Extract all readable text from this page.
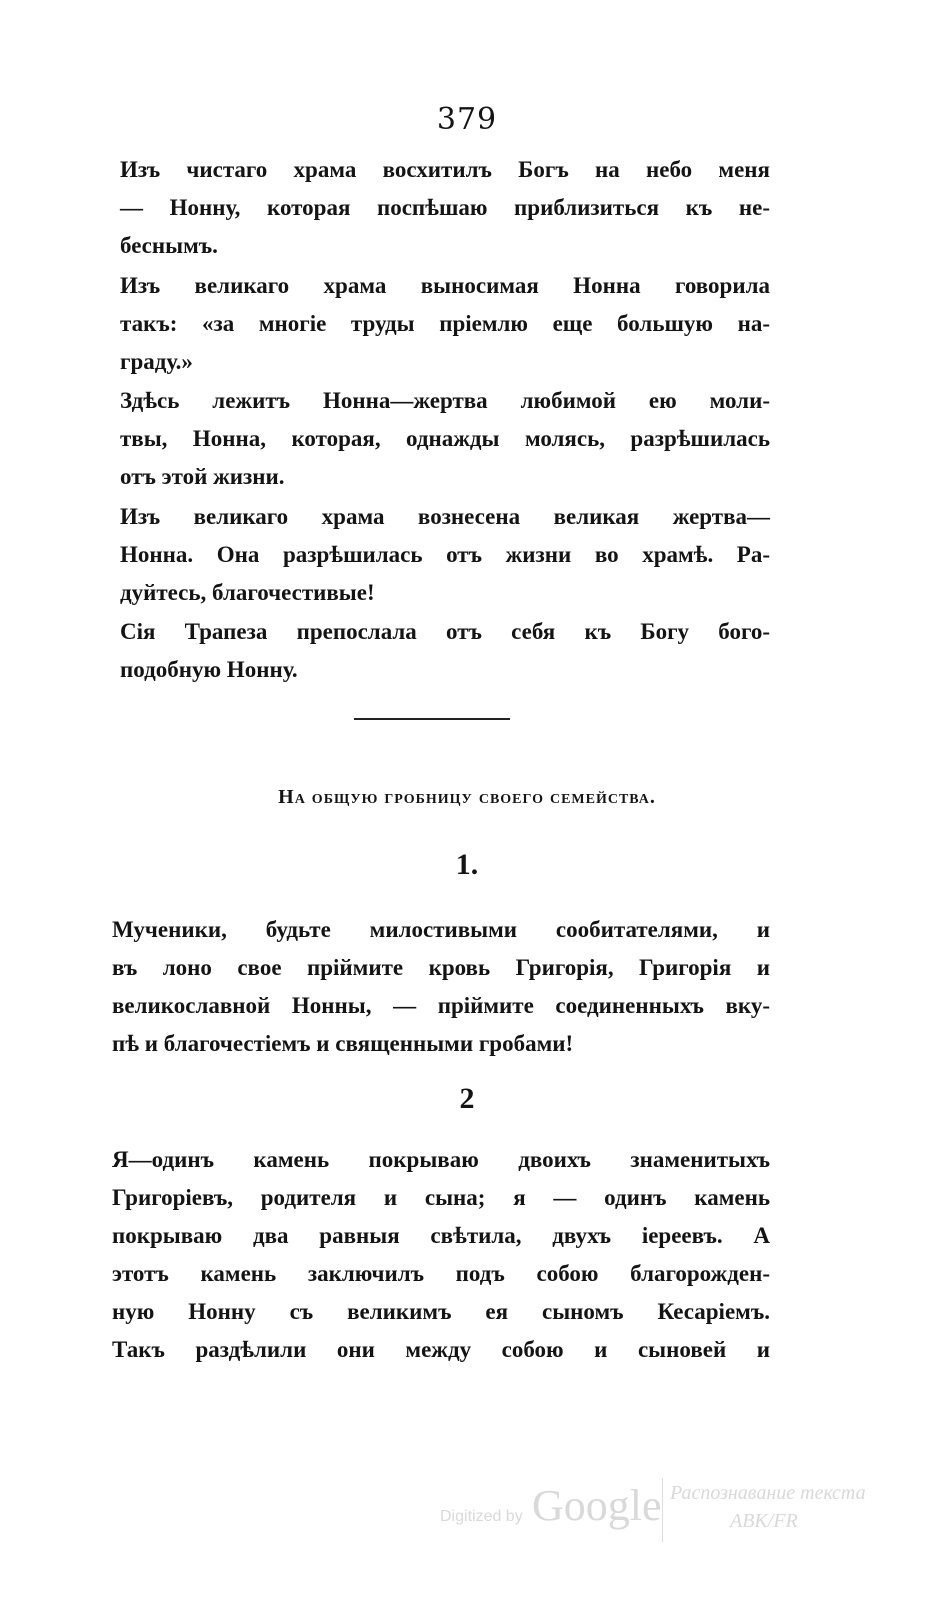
379
Изъ чистаго храма восхитилъ Богъ на небо меня
— Нонну, которая поспѣшаю приблизиться къ не-
беснымъ.
Изъ великаго храма выносимая Нонна говорила
такъ: «за многіе труды пріемлю еще большую на-
граду.»
Здѣсь лежитъ Нонна—жертва любимой ею моли-
твы, Нонна, которая, однажды молясь, разрѣшилась
отъ этой жизни.
Изъ великаго храма вознесена великая жертва—
Нонна. Она разрѣшилась отъ жизни во храмѣ. Ра-
дуйтесь, благочестивые!
Сія Трапеза препослала отъ себя къ Богу бого-
подобную Нонну.
На общую гробницу своего семейства.
1.
Мученики, будьте милостивыми сообитателями, и
въ лоно свое пріймите кровь Григорія, Григорія и
великославной Нонны, — пріймите соединенныхъ вку-
пѣ и благочестіемъ и священными гробами!
2
Я—одинъ камень покрываю двоихъ знаменитыхъ
Григоріевъ, родителя и сына; я — одинъ камень
покрываю два равныя свѣтила, двухъ іереевъ. А
этотъ камень заключилъ подъ собою благорожден-
ную Нонну съ великимъ ея сыномъ Кесаріемъ.
Такъ раздѣлили они между собою и сыновей и
Digitized by Google Распознавание текста
ABK/FR
